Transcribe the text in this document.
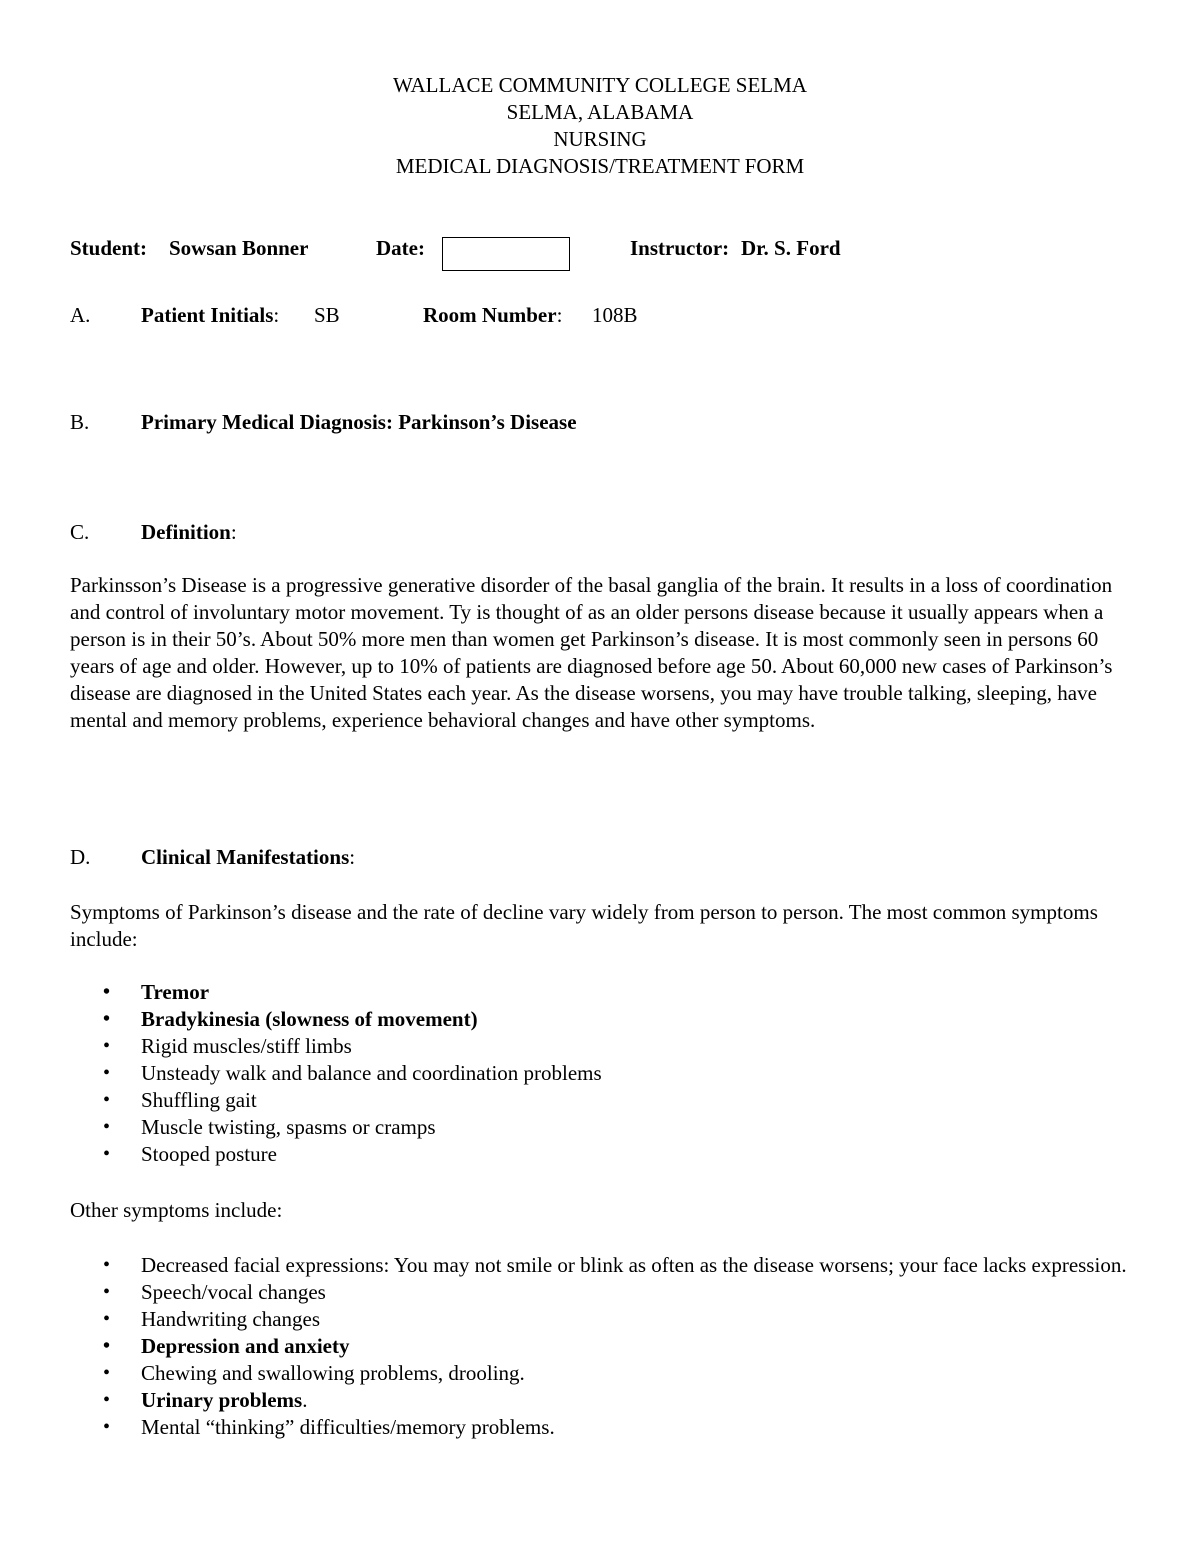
WALLACE COMMUNITY COLLEGE SELMA
SELMA, ALABAMA
NURSING
MEDICAL DIAGNOSIS/TREATMENT FORM
Student: Sowsan Bonner	Date:	Instructor: Dr. S. Ford
A. Patient Initials: SB	Room Number: 108B
B. Primary Medical Diagnosis: Parkinson’s Disease
C. Definition:
Parkinsson’s Disease is a progressive generative disorder of the basal ganglia of the brain. It results in a loss of coordination and control of involuntary motor movement. Ty is thought of as an older persons disease because it usually appears when a person is in their 50’s. About 50% more men than women get Parkinson’s disease. It is most commonly seen in persons 60 years of age and older. However, up to 10% of patients are diagnosed before age 50. About 60,000 new cases of Parkinson’s disease are diagnosed in the United States each year. As the disease worsens, you may have trouble talking, sleeping, have mental and memory problems, experience behavioral changes and have other symptoms.
D. Clinical Manifestations:
Symptoms of Parkinson’s disease and the rate of decline vary widely from person to person. The most common symptoms include:
• Tremor
• Bradykinesia (slowness of movement)
• Rigid muscles/stiff limbs
• Unsteady walk and balance and coordination problems
• Shuffling gait
• Muscle twisting, spasms or cramps
• Stooped posture
Other symptoms include:
• Decreased facial expressions: You may not smile or blink as often as the disease worsens; your face lacks expression.
• Speech/vocal changes
• Handwriting changes
• Depression and anxiety
• Chewing and swallowing problems, drooling.
• Urinary problems.
• Mental “thinking” difficulties/memory problems.
